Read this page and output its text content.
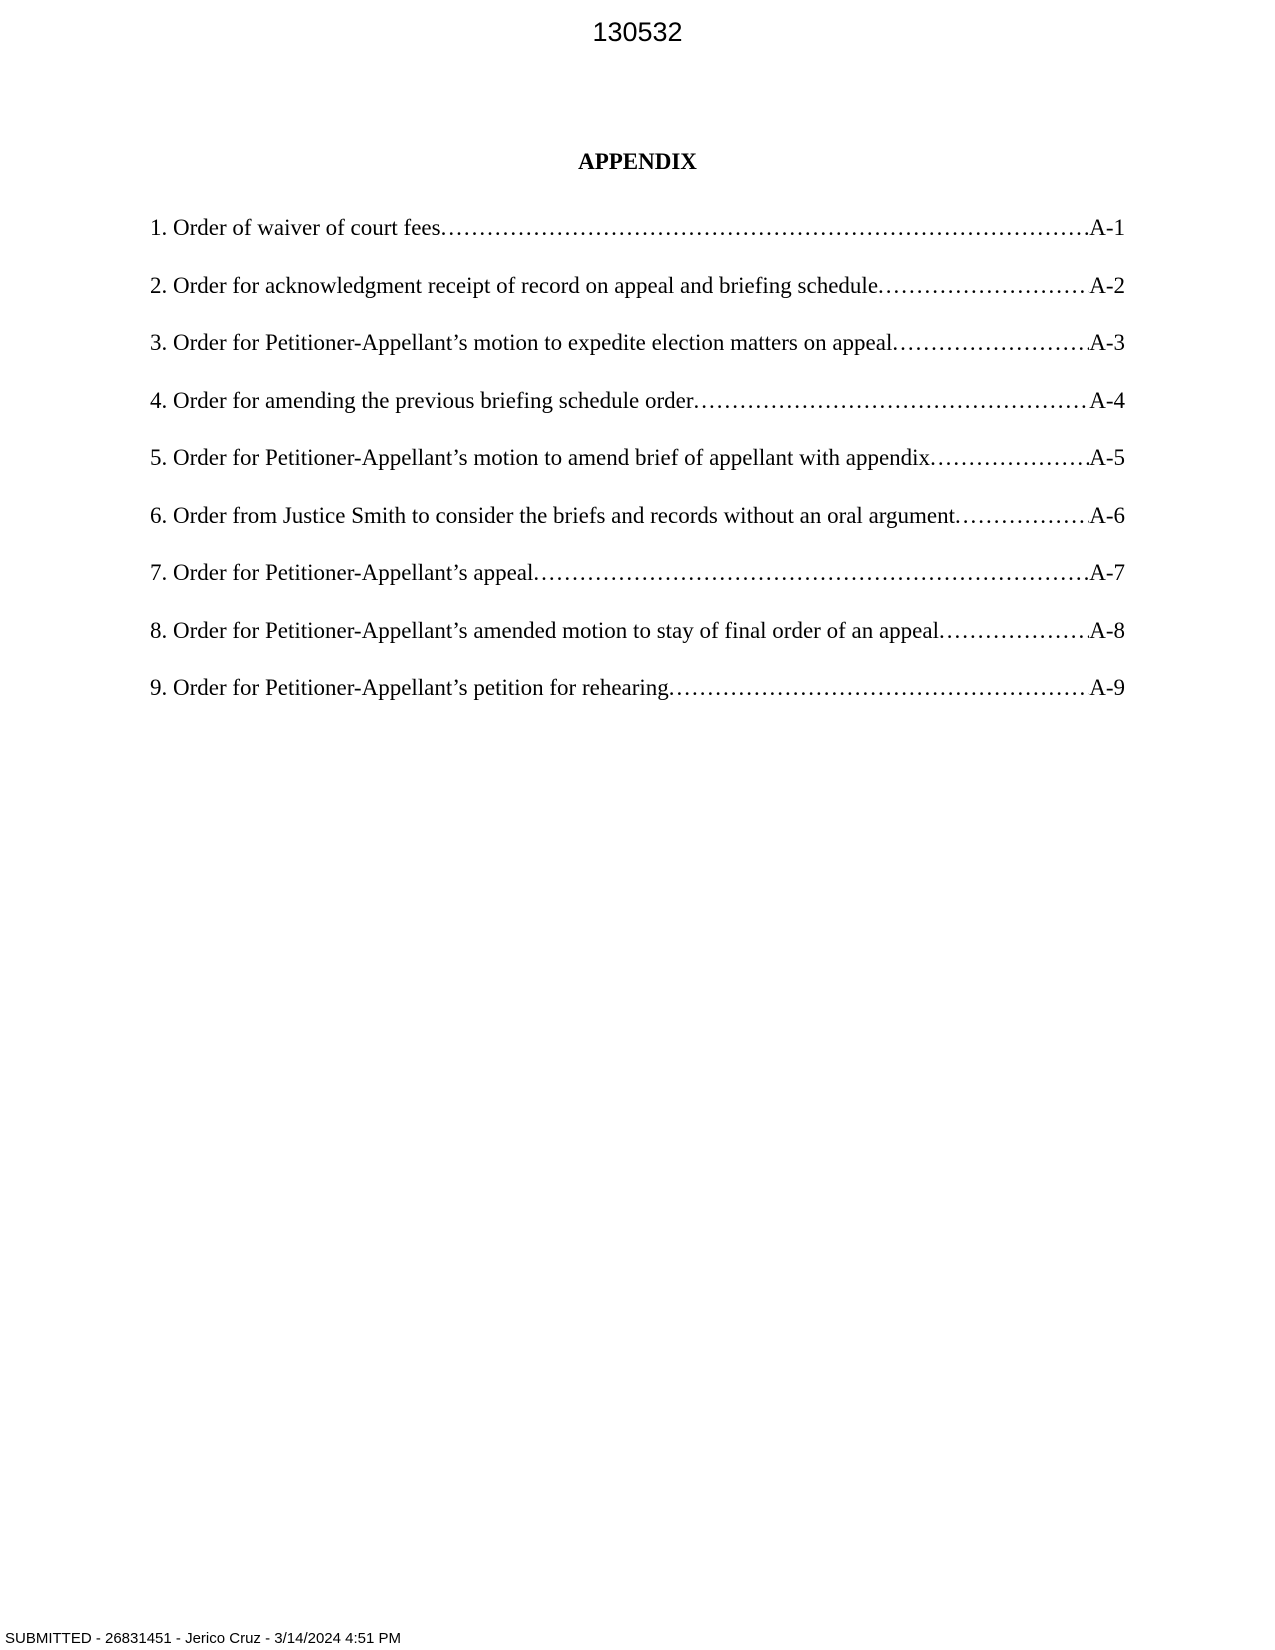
130532
APPENDIX
1. Order of waiver of court fees .....	A-1
2. Order for acknowledgment receipt of record on appeal and briefing schedule .....	A-2
3. Order for Petitioner-Appellant’s motion to expedite election matters on appeal .....	A-3
4. Order for amending the previous briefing schedule order .....	A-4
5. Order for Petitioner-Appellant’s motion to amend brief of appellant with appendix .....	A-5
6. Order from Justice Smith to consider the briefs and records without an oral argument .....	A-6
7. Order for Petitioner-Appellant’s appeal .....	A-7
8. Order for Petitioner-Appellant’s amended motion to stay of final order of an appeal .....	A-8
9. Order for Petitioner-Appellant’s petition for rehearing .....	A-9
SUBMITTED - 26831451 - Jerico Cruz - 3/14/2024 4:51 PM
